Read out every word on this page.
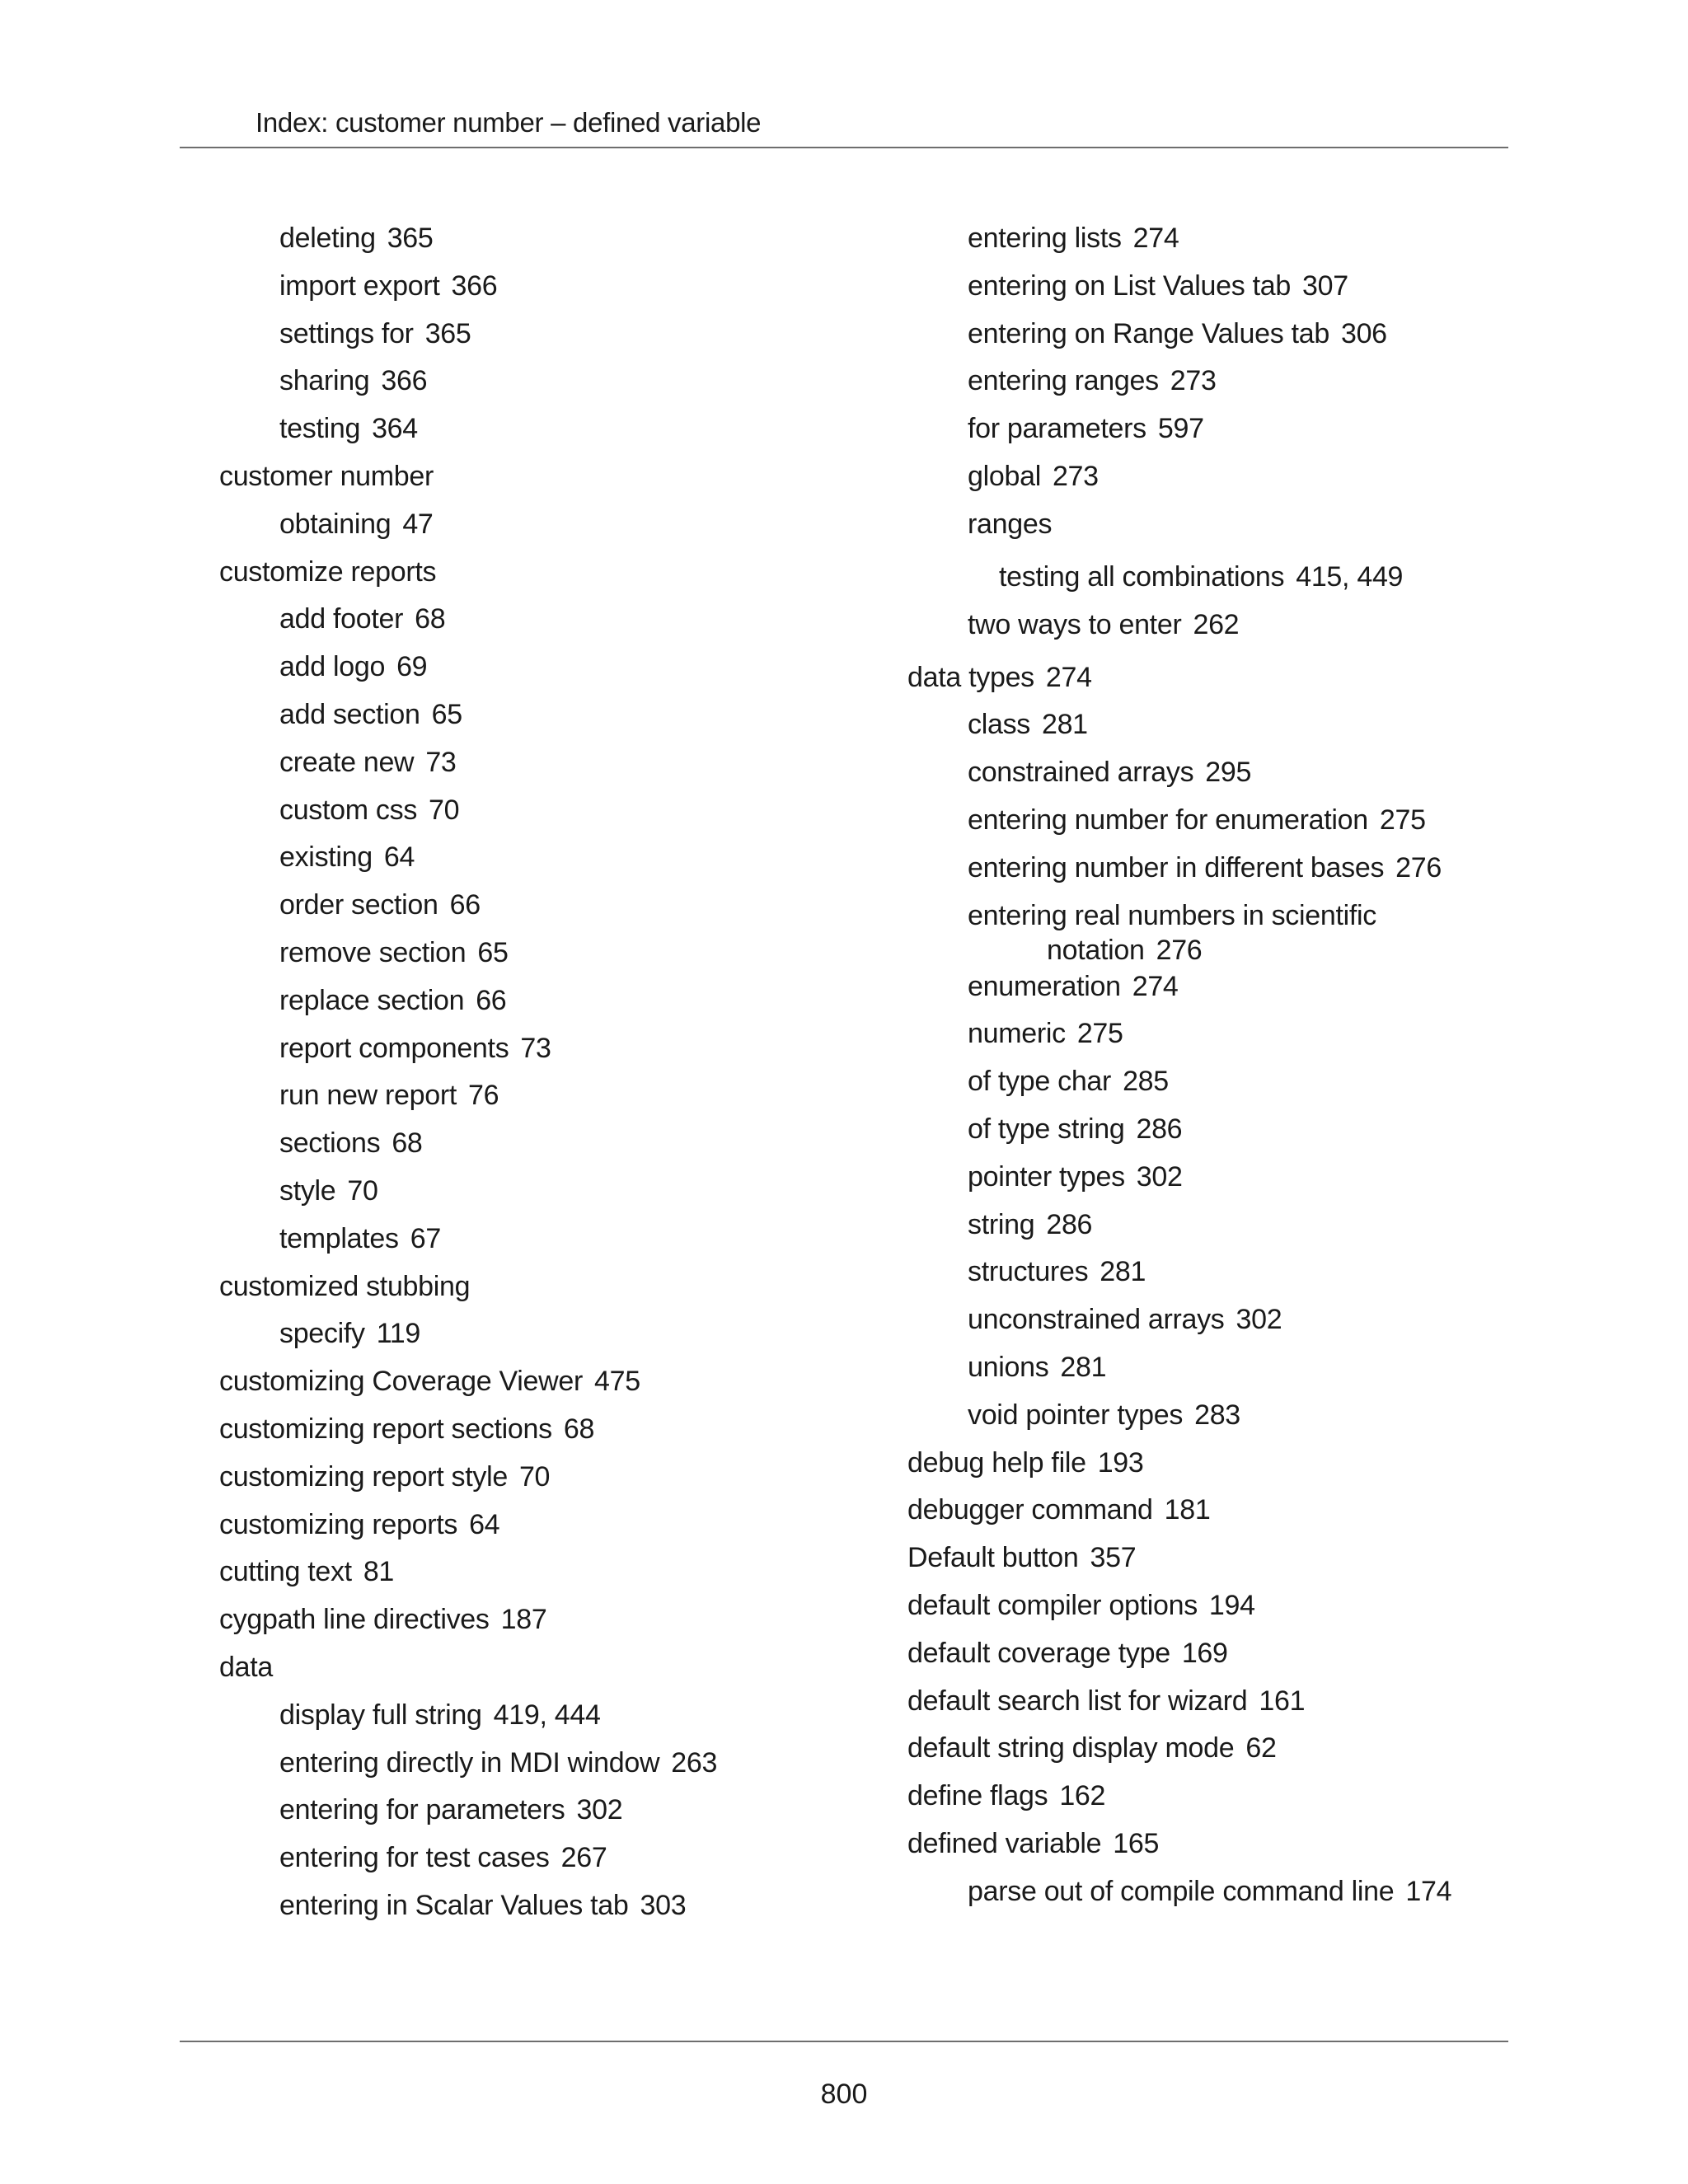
Index: customer number – defined variable
deleting 365
import export 366
settings for 365
sharing 366
testing 364
customer number
obtaining 47
customize reports
add footer 68
add logo 69
add section 65
create new 73
custom css 70
existing 64
order section 66
remove section 65
replace section 66
report components 73
run new report 76
sections 68
style 70
templates 67
customized stubbing
specify 119
customizing Coverage Viewer 475
customizing report sections 68
customizing report style 70
customizing reports 64
cutting text 81
cygpath line directives 187
data
display full string 419, 444
entering directly in MDI window 263
entering for parameters 302
entering for test cases 267
entering in Scalar Values tab 303
entering lists 274
entering on List Values tab 307
entering on Range Values tab 306
entering ranges 273
for parameters 597
global 273
ranges
testing all combinations 415, 449
two ways to enter 262
data types 274
class 281
constrained arrays 295
entering number for enumeration 275
entering number in different bases 276
entering real numbers in scientific
notation 276
enumeration 274
numeric 275
of type char 285
of type string 286
pointer types 302
string 286
structures 281
unconstrained arrays 302
unions 281
void pointer types 283
debug help file 193
debugger command 181
Default button 357
default compiler options 194
default coverage type 169
default search list for wizard 161
default string display mode 62
define flags 162
defined variable 165
parse out of compile command line 174
800
